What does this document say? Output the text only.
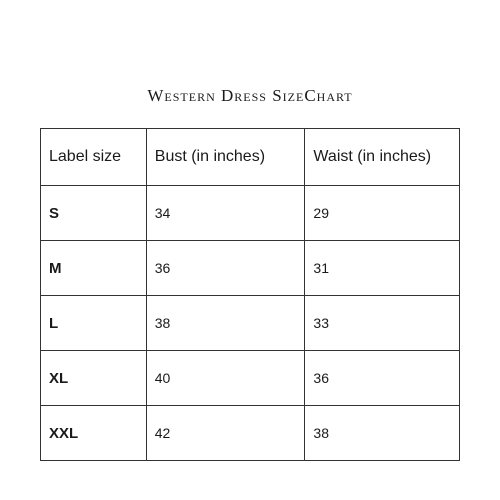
Western Dress SizeChart
Label size	Bust (in inches)	Waist (in inches)
S	34	29
M	36	31
L	38	33
XL	40	36
XXL	42	38
